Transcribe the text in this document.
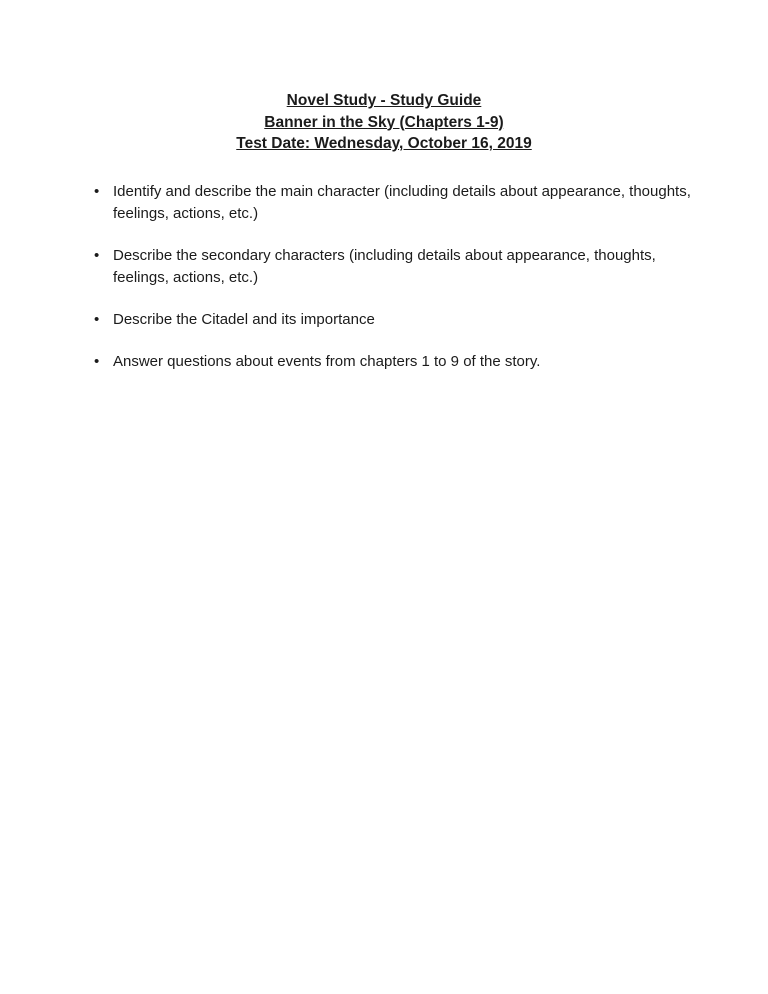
Novel Study - Study Guide
Banner in the Sky (Chapters 1-9)
Test Date: Wednesday, October 16, 2019
• Identify and describe the main character (including details about appearance, thoughts, feelings, actions, etc.)
• Describe the secondary characters (including details about appearance, thoughts, feelings, actions, etc.)
• Describe the Citadel and its importance
• Answer questions about events from chapters 1 to 9 of the story.
